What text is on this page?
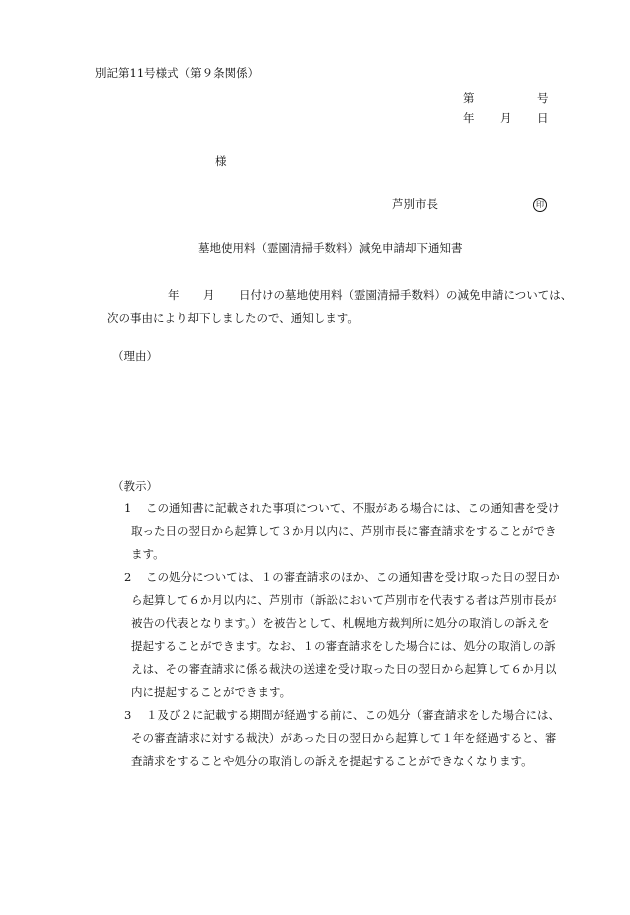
別記第11号様式（第９条関係）
第	号
年 月 日
様
芦別市長	印
墓地使用料（霊園清掃手数料）減免申請却下通知書
年 月 日付けの墓地使用料（霊園清掃手数料）の減免申請については、
次の事由により却下しましたので、通知します。
（理由）
（教示）
1 この通知書に記載された事項について、不服がある場合には、この通知書を受け
取った日の翌日から起算して３か月以内に、芦別市長に審査請求をすることができ
ます。
2 この処分については、１の審査請求のほか、この通知書を受け取った日の翌日か
ら起算して６か月以内に、芦別市（訴訟において芦別市を代表する者は芦別市長が
被告の代表となります。）を被告として、札幌地方裁判所に処分の取消しの訴えを
提起することができます。なお、１の審査請求をした場合には、処分の取消しの訴
えは、その審査請求に係る裁決の送達を受け取った日の翌日から起算して６か月以
内に提起することができます。
3 １及び２に記載する期間が経過する前に、この処分（審査請求をした場合には、
その審査請求に対する裁決）があった日の翌日から起算して１年を経過すると、審
査請求をすることや処分の取消しの訴えを提起することができなくなります。
